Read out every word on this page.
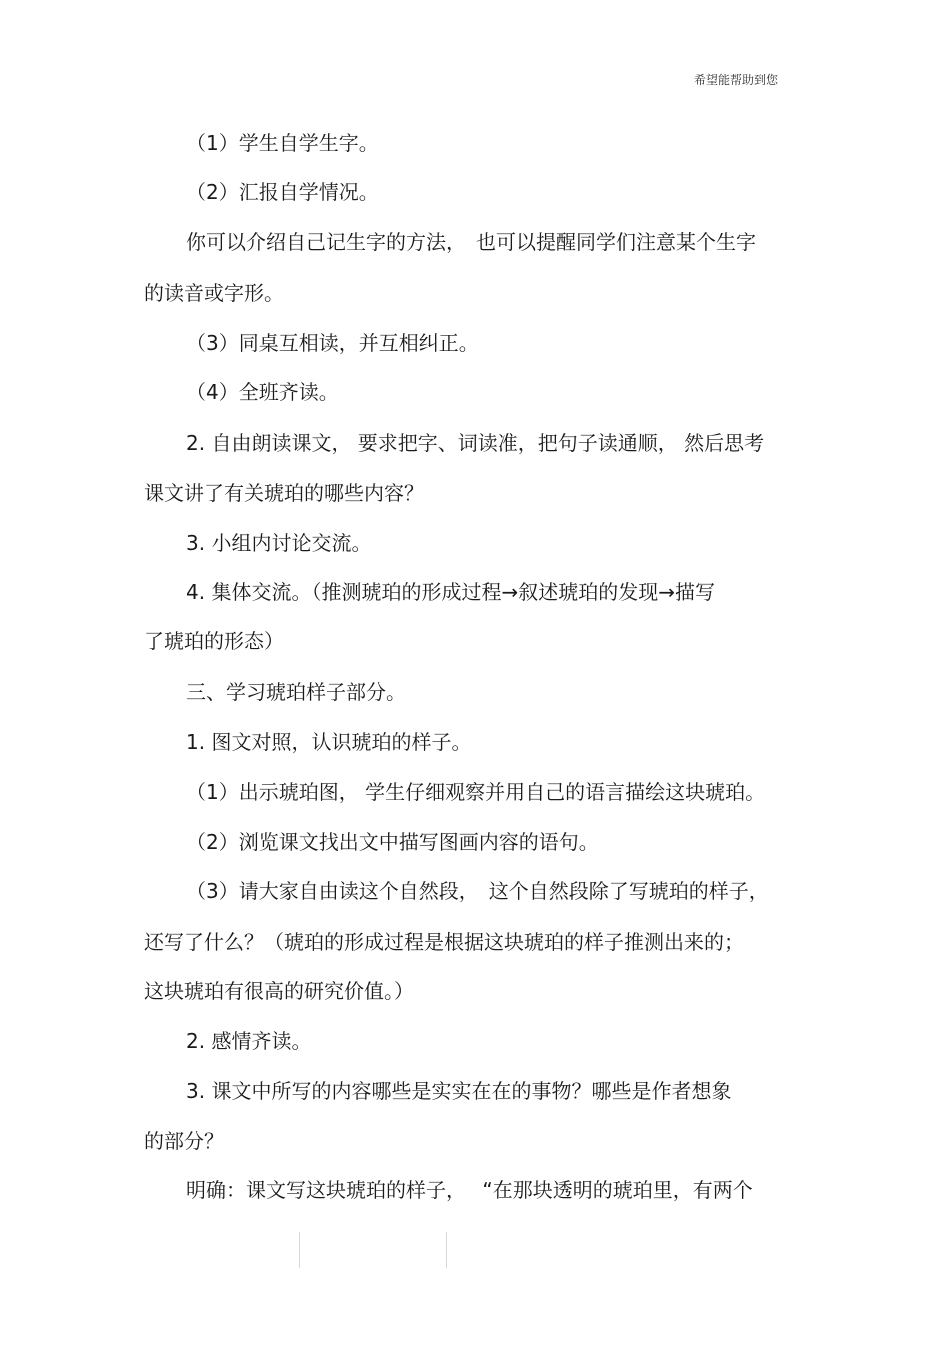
希望能帮助到您
（1）学生自学生字。
（2）汇报自学情况。
你可以介绍自己记生字的方法，　也可以提醒同学们注意某个生字
的读音或字形。
（3）同桌互相读，并互相纠正。
（4）全班齐读。
2. 自由朗读课文， 要求把字、词读准，把句子读通顺， 然后思考
课文讲了有关琥珀的哪些内容？
3. 小组内讨论交流。
4. 集体交流。（推测琥珀的形成过程→叙述琥珀的发现→描写
了琥珀的形态）
三、学习琥珀样子部分。
1. 图文对照，认识琥珀的样子。
（1）出示琥珀图， 学生仔细观察并用自己的语言描绘这块琥珀。
（2）浏览课文找出文中描写图画内容的语句。
（3）请大家自由读这个自然段，　这个自然段除了写琥珀的样子，
还写了什么？（琥珀的形成过程是根据这块琥珀的样子推测出来的；
这块琥珀有很高的研究价值。）
2. 感情齐读。
3. 课文中所写的内容哪些是实实在在的事物？哪些是作者想象
的部分？
明确：课文写这块琥珀的样子，　 “在那块透明的琥珀里，有两个
